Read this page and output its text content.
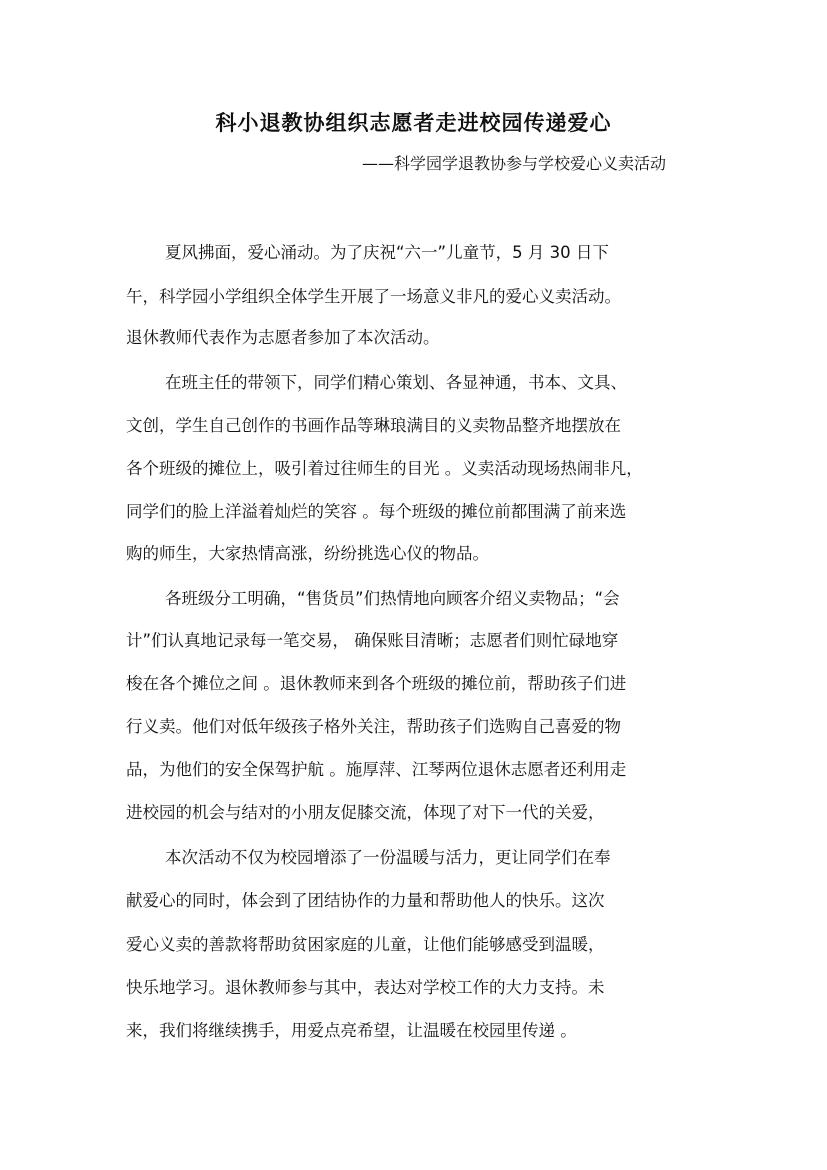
科小退教协组织志愿者走进校园传递爱心
——科学园学退教协参与学校爱心义卖活动
夏风拂面，爱心涌动。为了庆祝“六一”儿童节，5 月 30 日下
午，科学园小学组织全体学生开展了一场意义非凡的爱心义卖活动。
退休教师代表作为志愿者参加了本次活动。
在班主任的带领下，同学们精心策划、各显神通，书本、文具、
文创，学生自己创作的书画作品等琳琅满目的义卖物品整齐地摆放在
各个班级的摊位上，吸引着过往师生的目光 。义卖活动现场热闹非凡，
同学们的脸上洋溢着灿烂的笑容 。每个班级的摊位前都围满了前来选
购的师生，大家热情高涨，纷纷挑选心仪的物品。
各班级分工明确，“售货员”们热情地向顾客介绍义卖物品；“会
计”们认真地记录每一笔交易， 确保账目清晰；志愿者们则忙碌地穿
梭在各个摊位之间 。退休教师来到各个班级的摊位前，帮助孩子们进
行义卖。他们对低年级孩子格外关注，帮助孩子们选购自己喜爱的物
品，为他们的安全保驾护航 。施厚萍、江琴两位退休志愿者还利用走
进校园的机会与结对的小朋友促膝交流，体现了对下一代的关爱，
本次活动不仅为校园增添了一份温暖与活力，更让同学们在奉
献爱心的同时，体会到了团结协作的力量和帮助他人的快乐。这次
爱心义卖的善款将帮助贫困家庭的儿童，让他们能够感受到温暖，
快乐地学习。退休教师参与其中，表达对学校工作的大力支持。未
来，我们将继续携手，用爱点亮希望，让温暖在校园里传递 。
